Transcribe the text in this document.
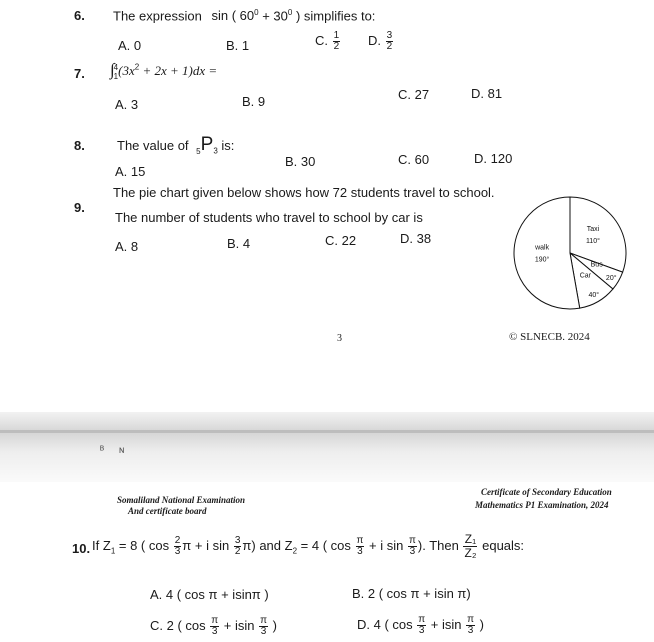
6. The expression sin ( $60^0 + 30^0$ ) simplifies to:
A. 0	B. 1	C. $\frac{1}{2} D$. $\frac{3}{2}$
7. ∫ 4
1 $(3x^2 + 2x + 1)dx$ =
A. 3	B. 9	C. 27	D. 81
8. The value of $_5P_3$ is:
A. 15
B. 30	C. 60	D. 120
9.
The pie chart given below shows how 72 students travel to school.
The number of students who travel to school by car is
A. 8	B. 4	C. 22	D. 38
Taxi
110°
Bus
20°
Car
40°
walk
190°
3	© SLNECB. 2024
ᴮ ɴ
Somaliland National Examination
And certificate board
Certificate of Secondary Education
Mathematics P1 Examination, 2024
10. If $Z_1 = 8$ ( $\cos \frac{2}{3}$ π + i $\sin \frac{3}{2} \pi$) and $Z_2 = 4$ ( $\cos \frac{\pi}{3} + i$ $\sin \frac{\pi}{3}$ ). Then $\frac{\text{Z₁}}{\text{Z₂}}$ equals:
A. 4 ( cos π + isinπ )	B. 2 ( cos π + isin π)
C. 2 ( $\cos \frac{\pi}{3} + isin \frac{\pi}{3}$ )	D. 4 ( $\cos \frac{\pi}{3} + isin \frac{\pi}{3}$ )
